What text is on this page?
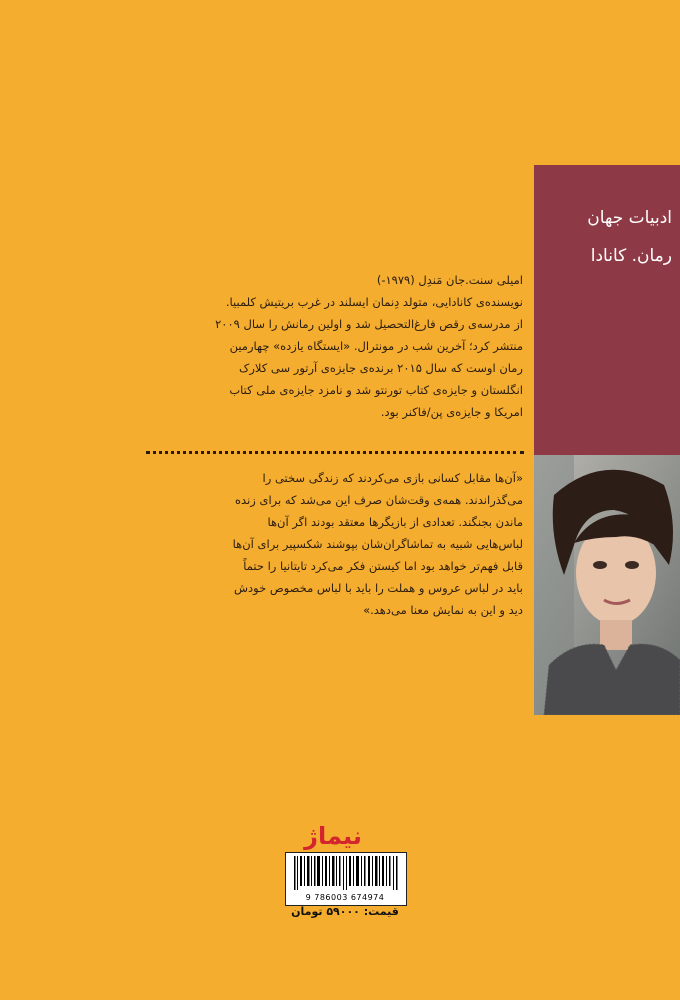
ادبیات جهان
رمان. کانادا
امیلی سنت.جان مَندِل (۱۹۷۹-)
نویسنده‌ی کانادایی، متولد دِنمان ایسلند در غرب بریتیش کلمبیا.
از مدرسه‌ی رقص فارغ‌التحصیل شد و اولین رمانش را سال ۲۰۰۹
منتشر کرد؛ آخرین شب در مونترال. «ایستگاه یازده» چهارمین
رمان اوست که سال ۲۰۱۵ برنده‌ی جایزه‌ی آرتور سی کلارک
انگلستان و جایزه‌ی کتاب تورنتو شد و نامزد جایزه‌ی ملی کتاب
امریکا و جایزه‌ی پن/فاکنر بود.
«آن‌ها مقابل کسانی بازی می‌کردند که زندگی سختی را
می‌گذراندند. همه‌ی وقت‌شان صرف این می‌شد که برای زنده
ماندن بجنگند. تعدادی از بازیگرها معتقد بودند اگر آن‌ها
لباس‌هایی شبیه به تماشاگران‌شان بپوشند شکسپیر برای آن‌ها
قابل فهم‌تر خواهد بود اما کیستن فکر می‌کرد تایتانیا را حتماً
باید در لباس عروس و هملت را باید با لباس مخصوص خودش
دید و این به نمایش معنا می‌دهد.»
نیماژ
9 786003 674974
قیمت: ۵۹۰۰۰ تومان
